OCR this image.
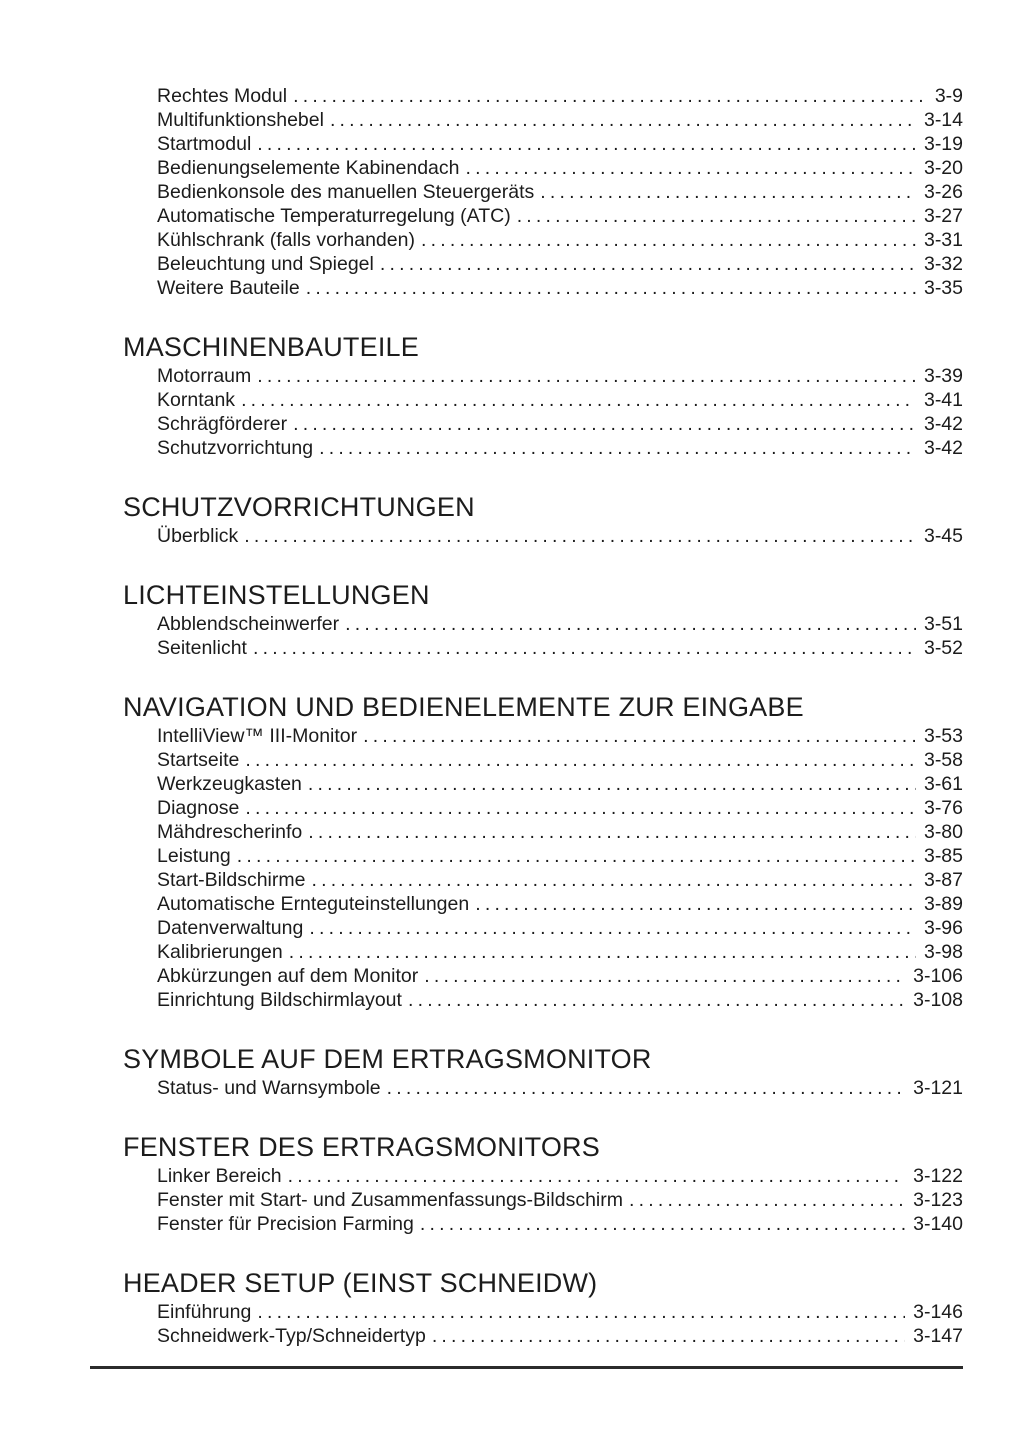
Rechtes Modul .....	3-9
Multifunktionshebel .....	3-14
Startmodul .....	3-19
Bedienungselemente Kabinendach .....	3-20
Bedienkonsole des manuellen Steuergeräts .....	3-26
Automatische Temperaturregelung (ATC) .....	3-27
Kühlschrank (falls vorhanden) .....	3-31
Beleuchtung und Spiegel .....	3-32
Weitere Bauteile .....	3-35
MASCHINENBAUTEILE
Motorraum .....	3-39
Korntank .....	3-41
Schrägförderer .....	3-42
Schutzvorrichtung .....	3-42
SCHUTZVORRICHTUNGEN
Überblick .....	3-45
LICHTEINSTELLUNGEN
Abblendscheinwerfer .....	3-51
Seitenlicht .....	3-52
NAVIGATION UND BEDIENELEMENTE ZUR EINGABE
IntelliView™ III-Monitor .....	3-53
Startseite .....	3-58
Werkzeugkasten .....	3-61
Diagnose .....	3-76
Mähdrescherinfo .....	3-80
Leistung .....	3-85
Start-Bildschirme .....	3-87
Automatische Ernteguteinstellungen .....	3-89
Datenverwaltung .....	3-96
Kalibrierungen .....	3-98
Abkürzungen auf dem Monitor .....	3-106
Einrichtung Bildschirmlayout .....	3-108
SYMBOLE AUF DEM ERTRAGSMONITOR
Status- und Warnsymbole .....	3-121
FENSTER DES ERTRAGSMONITORS
Linker Bereich .....	3-122
Fenster mit Start- und Zusammenfassungs-Bildschirm .....	3-123
Fenster für Precision Farming .....	3-140
HEADER SETUP (EINST SCHNEIDW)
Einführung .....	3-146
Schneidwerk-Typ/Schneidertyp .....	3-147
